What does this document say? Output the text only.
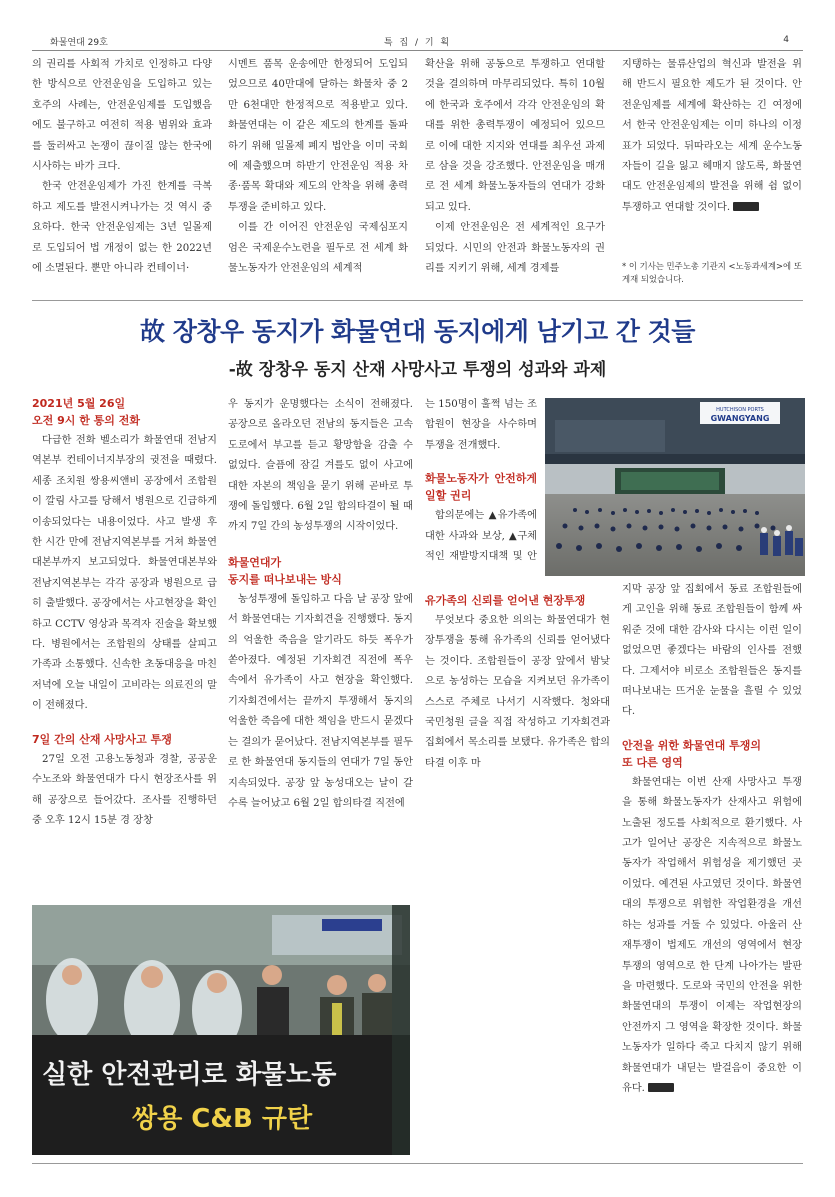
화물연대 29호	특 집 / 기 획	4

의 권리를 사회적 가치로 인정하고 다양한 방식으로 안전운임을 도입하고 있는 호주의 사례는, 안전운임제를 도입했음에도 불구하고 여전히 적용 범위와 효과를 둘러싸고 논쟁이 끊이질 않는 한국에 시사하는 바가 크다.

한국 안전운임제가 가진 한계를 극복하고 제도를 발전시켜나가는 것 역시 중요하다. 한국 안전운임제는 3년 일몰제로 도입되어 법 개정이 없는 한 2022년에 소멸된다. 뿐만 아니라 컨테이너·

시멘트 품목 운송에만 한정되어 도입되었으므로 40만대에 달하는 화물차 중 2만 6천대만 한정적으로 적용받고 있다. 화물연대는 이 같은 제도의 한계를 돌파하기 위해 일몰제 폐지 법안을 이미 국회에 제출했으며 하반기 안전운임 적용 차종·품목 확대와 제도의 안착을 위해 총력투쟁을 준비하고 있다.

이를 간 이어진 안전운임 국제심포지엄은 국제운수노련을 필두로 전 세계 화물노동자가 안전운임의 세계적

확산을 위해 공동으로 투쟁하고 연대할 것을 결의하며 마무리되었다. 특히 10월에 한국과 호주에서 각각 안전운임의 확대를 위한 총력투쟁이 예정되어 있으므로 이에 대한 지지와 연대를 최우선 과제로 삼을 것을 강조했다. 안전운임을 매개로 전 세계 화물노동자들의 연대가 강화되고 있다.

이제 안전운임은 전 세계적인 요구가 되었다. 시민의 안전과 화물노동자의 권리를 지키기 위해, 세계 경제를

지탱하는 물류산업의 혁신과 발전을 위해 반드시 필요한 제도가 된 것이다. 안전운임제를 세계에 확산하는 긴 여정에서 한국 안전운임제는 이미 하나의 이정표가 되었다. 뒤따라오는 세계 운수노동자들이 길을 잃고 헤매지 않도록, 화물연대도 안전운임제의 발전을 위해 쉼 없이 투쟁하고 연대할 것이다.

* 이 기사는 민주노총 기관지 <노동과세계>에 또 게재 되었습니다.
故 장창우 동지가 화물연대 동지에게 남기고 간 것들
-故 장창우 동지 산재 사망사고 투쟁의 성과와 과제
2021년 5월 26일
오전 9시 한 통의 전화

다급한 전화 벨소리가 화물연대 전남지역본부 컨테이너지부장의 귓전을 때렸다. 세종 조치원 쌍용씨앤비 공장에서 조합원이 깔림 사고를 당해서 병원으로 긴급하게 이송되었다는 내용이었다. 사고 발생 후 한 시간 만에 전남지역본부를 거쳐 화물연대본부까지 보고되었다. 화물연대본부와 전남지역본부는 각각 공장과 병원으로 급히 출발했다. 공장에서는 사고현장을 확인하고 CCTV 영상과 목격자 진술을 확보했다. 병원에서는 조합원의 상태를 살피고 가족과 소통했다. 신속한 초동대응을 마친 저녁에 오늘 내일이 고비라는 의료진의 말이 전해졌다.

7일 간의 산재 사망사고 투쟁

27일 오전 고용노동청과 경찰, 공공운수노조와 화물연대가 다시 현장조사를 위해 공장으로 들어갔다. 조사를 진행하던 중 오후 12시 15분 경 장창

우 동지가 운명했다는 소식이 전해졌다. 공장으로 올라오던 전남의 동지들은 고속도로에서 부고를 듣고 황망함을 감출 수 없었다. 슬픔에 잠길 겨를도 없이 사고에 대한 자본의 책임을 묻기 위해 곧바로 투쟁에 돌입했다. 6월 2일 합의타결이 될 때까지 7일 간의 농성투쟁의 시작이었다.

화물연대가
동지를 떠나보내는 방식

농성투쟁에 돌입하고 다음 날 공장 앞에서 화물연대는 기자회견을 진행했다. 동지의 억울한 죽음을 알기라도 하듯 폭우가 쏟아졌다. 예정된 기자회견 직전에 폭우 속에서 유가족이 사고 현장을 확인했다. 기자회견에서는 끝까지 투쟁해서 동지의 억울한 죽음에 대한 책임을 반드시 묻겠다는 결의가 묻어났다. 전남지역본부를 필두로 한 화물연대 동지들의 연대가 7일 동안 지속되었다. 공장 앞 농성대오는 날이 갈수록 늘어났고 6월 2일 합의타결 직전에

는 150명이 훌쩍 넘는 조합원이 현장을 사수하며 투쟁을 전개했다.

화물노동자가 안전하게 일할 권리

합의문에는 ▲유가족에 대한 사과와 보상, ▲구체적인 재발방지대책 및 안

유가족의 신뢰를 얻어낸 현장투쟁

무엇보다 중요한 의의는 화물연대가 현장투쟁을 통해 유가족의 신뢰를 얻어냈다는 것이다. 조합원들이 공장 앞에서 밤낮으로 농성하는 모습을 지켜보던 유가족이 스스로 주체로 나서기 시작했다. 청와대 국민청원 글을 직접 작성하고 기자회견과 집회에서 목소리를 보탰다. 유가족은 합의타결 이후 마

지막 공장 앞 집회에서 동료 조합원들에게 고인을 위해 동료 조합원들이 함께 싸워준 것에 대한 감사와 다시는 이런 일이 없었으면 좋겠다는 바람의 인사를 전했다. 그제서야 비로소 조합원들은 동지를 떠나보내는 뜨거운 눈물을 흘릴 수 있었다.

안전을 위한 화물연대 투쟁의
또 다른 영역

화물연대는 이번 산재 사망사고 투쟁을 통해 화물노동자가 산재사고 위험에 노출된 정도를 사회적으로 환기했다. 사고가 일어난 공장은 지속적으로 화물노동자가 작업해서 위험성을 제기했던 곳이었다. 예견된 사고였던 것이다. 화물연대의 투쟁으로 위험한 작업환경을 개선하는 성과를 거둘 수 있었다. 아울러 산재투쟁이 법제도 개선의 영역에서 현장투쟁의 영역으로 한 단계 나아가는 발판을 마련했다. 도로와 국민의 안전을 위한 화물연대의 투쟁이 이제는 작업현장의 안전까지 그 영역을 확장한 것이다. 화물노동자가 일하다 죽고 다치지 않기 위해 화물연대가 내딛는 발걸음이 중요한 이유다.

HUTCHISON PORTS
GWANGYANG
실한 안전관리로 화물노동
쌍용 C&B 규탄
